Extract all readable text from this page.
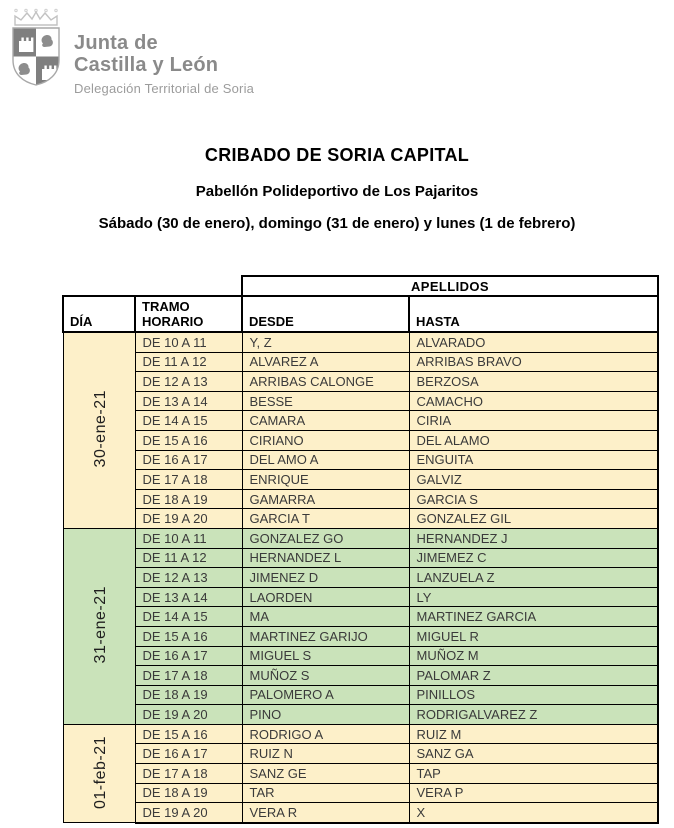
Junta de
Castilla y León
Delegación Territorial de Soria
CRIBADO DE SORIA CAPITAL
Pabellón Polideportivo de Los Pajaritos
Sábado (30 de enero), domingo (31 de enero) y lunes (1 de febrero)
		APELLIDOS	
DÍA	TRAMO HORARIO	DESDE	HASTA
30-ene-21	DE 10 A 11	Y, Z	ALVARADO
	DE 11 A 12	ALVAREZ A	ARRIBAS BRAVO
	DE 12 A 13	ARRIBAS CALONGE	BERZOSA
	DE 13 A 14	BESSE	CAMACHO
	DE 14 A 15	CAMARA	CIRIA
	DE 15 A 16	CIRIANO	DEL ALAMO
	DE 16 A 17	DEL AMO A	ENGUITA
	DE 17 A 18	ENRIQUE	GALVIZ
	DE 18 A 19	GAMARRA	GARCIA S
	DE 19 A 20	GARCIA T	GONZALEZ GIL
31-ene-21	DE 10 A 11	GONZALEZ GO	HERNANDEZ J
	DE 11 A 12	HERNANDEZ L	JIMEMEZ C
	DE 12 A 13	JIMENEZ D	LANZUELA Z
	DE 13 A 14	LAORDEN	LY
	DE 14 A 15	MA	MARTINEZ GARCIA
	DE 15 A 16	MARTINEZ GARIJO	MIGUEL R
	DE 16 A 17	MIGUEL S	MUÑOZ M
	DE 17 A 18	MUÑOZ S	PALOMAR Z
	DE 18 A 19	PALOMERO A	PINILLOS
	DE 19 A 20	PINO	RODRIGALVAREZ Z
01-feb-21	DE 15 A 16	RODRIGO A	RUIZ M
	DE 16 A 17	RUIZ N	SANZ GA
	DE 17 A 18	SANZ GE	TAP
	DE 18 A 19	TAR	VERA P
	DE 19 A 20	VERA R	X
